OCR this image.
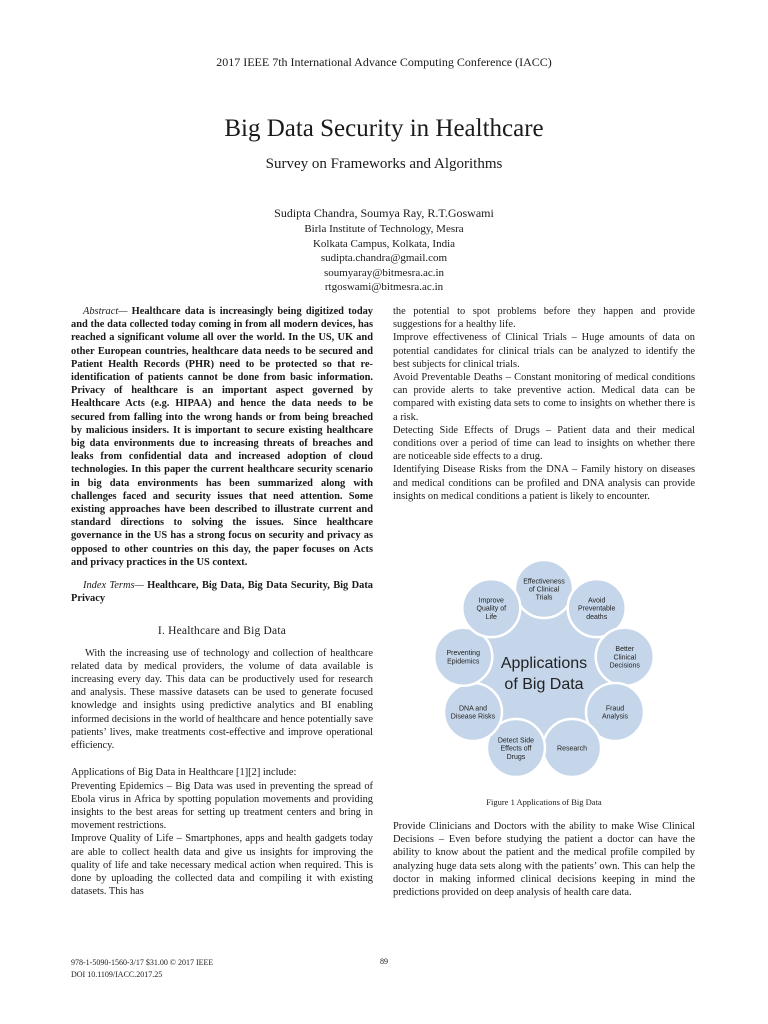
2017 IEEE 7th International Advance Computing Conference (IACC)
Big Data Security in Healthcare
Survey on Frameworks and Algorithms
Sudipta Chandra, Soumya Ray, R.T.Goswami
Birla Institute of Technology, Mesra
Kolkata Campus, Kolkata, India
sudipta.chandra@gmail.com
soumyaray@bitmesra.ac.in
rtgoswami@bitmesra.ac.in

Abstract— Healthcare data is increasingly being digitized today and the data collected today coming in from all modern devices, has reached a significant volume all over the world. In the US, UK and other European countries, healthcare data needs to be secured and Patient Health Records (PHR) need to be protected so that re-identification of patients cannot be done from basic information. Privacy of healthcare is an important aspect governed by Healthcare Acts (e.g. HIPAA) and hence the data needs to be secured from falling into the wrong hands or from being breached by malicious insiders. It is important to secure existing healthcare big data environments due to increasing threats of breaches and leaks from confidential data and increased adoption of cloud technologies. In this paper the current healthcare security scenario in big data environments has been summarized along with challenges faced and security issues that need attention. Some existing approaches have been described to illustrate current and standard directions to solving the issues. Since healthcare governance in the US has a strong focus on security and privacy as opposed to other countries on this day, the paper focuses on Acts and privacy practices in the US context.

Index Terms— Healthcare, Big Data, Big Data Security, Big Data Privacy

I. Healthcare and Big Data

With the increasing use of technology and collection of healthcare related data by medical providers, the volume of data available is increasing every day. This data can be productively used for research and analysis. These massive datasets can be used to generate focused knowledge and insights using predictive analytics and BI enabling informed decisions in the world of healthcare and hence potentially save patients’ lives, make treatments cost-effective and improve operational efficiency.

Applications of Big Data in Healthcare [1][2] include:

Preventing Epidemics – Big Data was used in preventing the spread of Ebola virus in Africa by spotting population movements and providing insights to the best areas for setting up treatment centers and bring in movement restrictions.

Improve Quality of Life – Smartphones, apps and health gadgets today are able to collect health data and give us insights for improving the quality of life and take necessary medical action when required. This is done by uploading the collected data and compiling it with existing datasets. This has

the potential to spot problems before they happen and provide suggestions for a healthy life.

Improve effectiveness of Clinical Trials – Huge amounts of data on potential candidates for clinical trials can be analyzed to identify the best subjects for clinical trials.

Avoid Preventable Deaths – Constant monitoring of medical conditions can provide alerts to take preventive action. Medical data can be compared with existing data sets to come to insights on whether there is a risk.

Detecting Side Effects of Drugs – Patient data and their medical conditions over a period of time can lead to insights on whether there are noticeable side effects to a drug.

Identifying Disease Risks from the DNA – Family history on diseases and medical conditions can be profiled and DNA analysis can provide insights on medical conditions a patient is likely to encounter.

Effectiveness
of Clinical
Trials	Avoid
Preventable
deaths
Better
Clinical
Decisions
Fraud
Analysis
Research
Detect Side
Effects off
Drugs
DNA and
Disease Risks
Preventing
Epidemics
Improve
Quality of
Life
Applications
of Big Data
Figure 1 Applications of Big Data

Provide Clinicians and Doctors with the ability to make Wise Clinical Decisions – Even before studying the patient a doctor can have the ability to know about the patient and the medical profile compiled by analyzing huge data sets along with the patients’ own. This can help the doctor in making informed clinical decisions keeping in mind the predictions provided on deep analysis of health care data.

978-1-5090-1560-3/17 $31.00 © 2017 IEEE
DOI 10.1109/IACC.2017.25
89
